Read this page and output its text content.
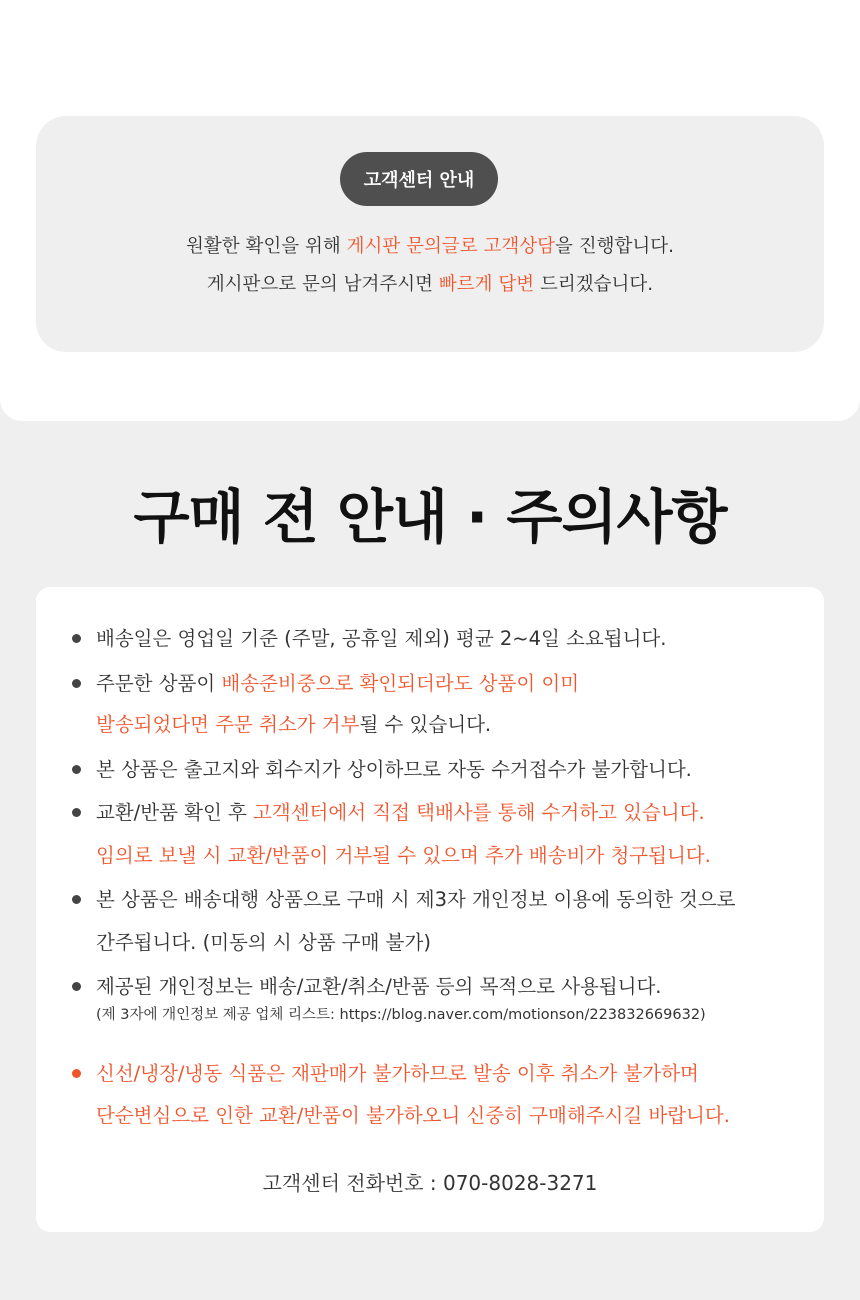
고객센터 안내
원활한 확인을 위해 게시판 문의글로 고객상담을 진행합니다.
게시판으로 문의 남겨주시면 빠르게 답변 드리겠습니다.
구매 전 안내 · 주의사항
배송일은 영업일 기준 (주말, 공휴일 제외) 평균 2~4일 소요됩니다.
주문한 상품이 배송준비중으로 확인되더라도 상품이 이미
발송되었다면 주문 취소가 거부될 수 있습니다.
본 상품은 출고지와 회수지가 상이하므로 자동 수거접수가 불가합니다.
교환/반품 확인 후 고객센터에서 직접 택배사를 통해 수거하고 있습니다.
임의로 보낼 시 교환/반품이 거부될 수 있으며 추가 배송비가 청구됩니다.
본 상품은 배송대행 상품으로 구매 시 제3자 개인정보 이용에 동의한 것으로
간주됩니다. (미동의 시 상품 구매 불가)
제공된 개인정보는 배송/교환/취소/반품 등의 목적으로 사용됩니다.
(제 3자에 개인정보 제공 업체 리스트: https://blog.naver.com/motionson/223832669632)
신선/냉장/냉동 식품은 재판매가 불가하므로 발송 이후 취소가 불가하며
단순변심으로 인한 교환/반품이 불가하오니 신중히 구매해주시길 바랍니다.
고객센터 전화번호 : 070-8028-3271
